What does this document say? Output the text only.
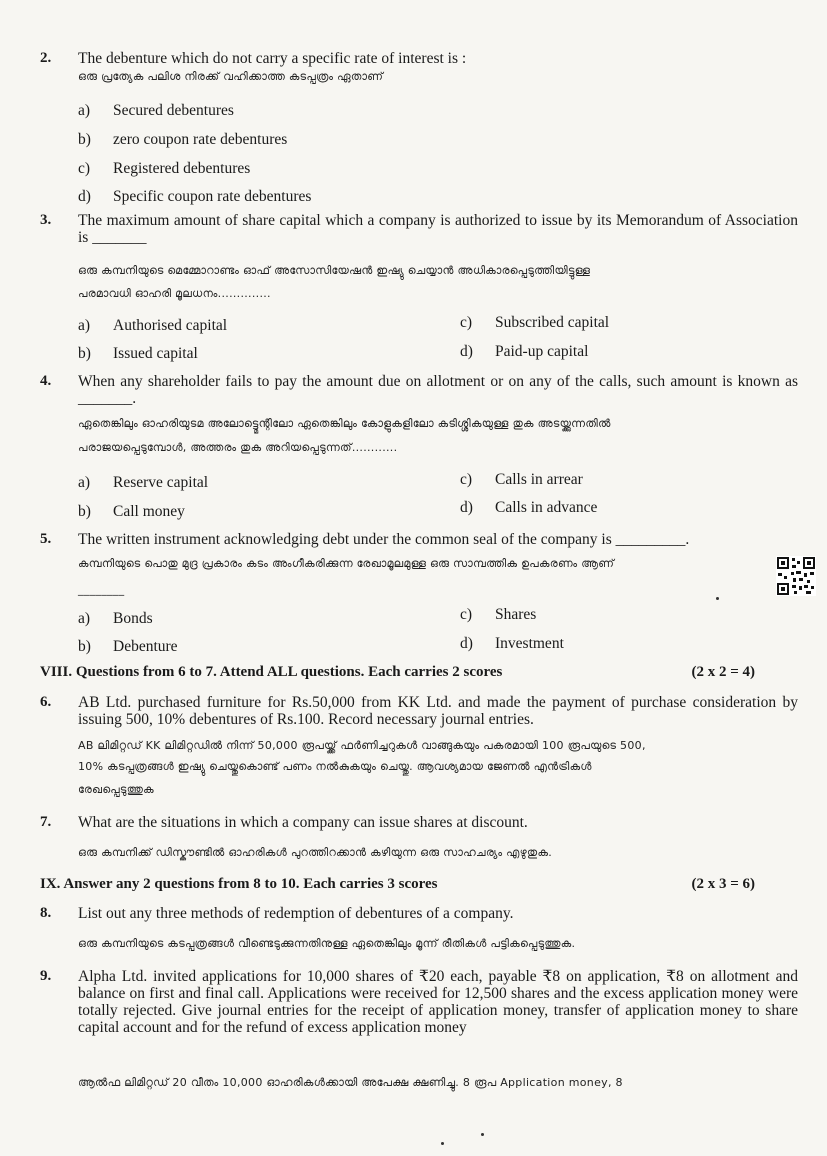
2. The debenture which do not carry a specific rate of interest is :
ഒരു പ്രത്യേക പലിശ നിരക്ക് വഹിക്കാത്ത കടപ്പത്രം ഏതാണ്
a)	Secured debentures
b)	zero coupon rate debentures
c)	Registered debentures
d)	Specific coupon rate debentures
3. The maximum amount of share capital which a company is authorized to issue by its Memorandum of Association is _______
ഒരു കമ്പനിയുടെ മെമ്മോറാണ്ടം ഓഫ് അസോസിയേഷൻ ഇഷ്യു ചെയ്യാൻ അധികാരപ്പെടുത്തിയിട്ടുള്ള
പരമാവധി ഓഹരി മൂലധനം..............
a)	Authorised capital
b)	Issued capital
c)	Subscribed capital
d)	Paid-up capital
4. When any shareholder fails to pay the amount due on allotment or on any of the calls, such amount is known as _______.
ഏതെങ്കിലും ഓഹരിയുടമ അലോട്ട്മെന്റിലോ ഏതെങ്കിലും കോളുകളിലോ കടിശ്ശികയുള്ള തുക അടയ്ക്കുന്നതിൽ
പരാജയപ്പെടുമ്പോൾ, അത്തരം തുക അറിയപ്പെടുന്നത്............
a)	Reserve capital
b)	Call money
c)	Calls in arrear
d)	Calls in advance
5. The written instrument acknowledging debt under the common seal of the company is _________.
കമ്പനിയുടെ പൊതു മുദ്ര പ്രകാരം കടം അംഗീകരിക്കുന്ന രേഖാമൂലമുള്ള ഒരു സാമ്പത്തിക ഉപകരണം ആണ്
________
a)	Bonds
b)	Debenture
c)	Shares
d)	Investment
VIII. Questions from 6 to 7. Attend ALL questions. Each carries 2 scores	(2 x 2 = 4)
6. AB Ltd. purchased furniture for Rs.50,000 from KK Ltd. and made the payment of purchase consideration by issuing 500, 10% debentures of Rs.100. Record necessary journal entries.
AB ലിമിറ്റഡ് KK ലിമിറ്റഡിൽ നിന്ന് 50,000 രൂപയ്ക്ക് ഫർണിച്ചറുകൾ വാങ്ങുകയും പകരമായി 100 രൂപയുടെ 500,
10% കടപ്പത്രങ്ങൾ ഇഷ്യു ചെയ്തുകൊണ്ട് പണം നൽകുകയും ചെയ്തു. ആവശ്യമായ ജേണൽ എൻട്രികൾ
രേഖപ്പെടുത്തുക
7. What are the situations in which a company can issue shares at discount.
ഒരു കമ്പനിക്ക് ഡിസ്കൗണ്ടിൽ ഓഹരികൾ പുറത്തിറക്കാൻ കഴിയുന്ന ഒരു സാഹചര്യം എഴുതുക.
IX. Answer any 2 questions from 8 to 10. Each carries 3 scores	(2 x 3 = 6)
8. List out any three methods of redemption of debentures of a company.
ഒരു കമ്പനിയുടെ കടപ്പത്രങ്ങൾ വീണ്ടെടുക്കുന്നതിനുള്ള ഏതെങ്കിലും മൂന്ന് രീതികൾ പട്ടികപ്പെടുത്തുക.
9. Alpha Ltd. invited applications for 10,000 shares of ₹20 each, payable ₹8 on application, ₹8 on allotment and balance on first and final call. Applications were received for 12,500 shares and the excess application money were totally rejected. Give journal entries for the receipt of application money, transfer of application money to share capital account and for the refund of excess application money
ആൽഫ ലിമിറ്റഡ് 20 വീതം 10,000 ഓഹരികൾക്കായി അപേക്ഷ ക്ഷണിച്ചു. 8 രൂപ Application money, 8
